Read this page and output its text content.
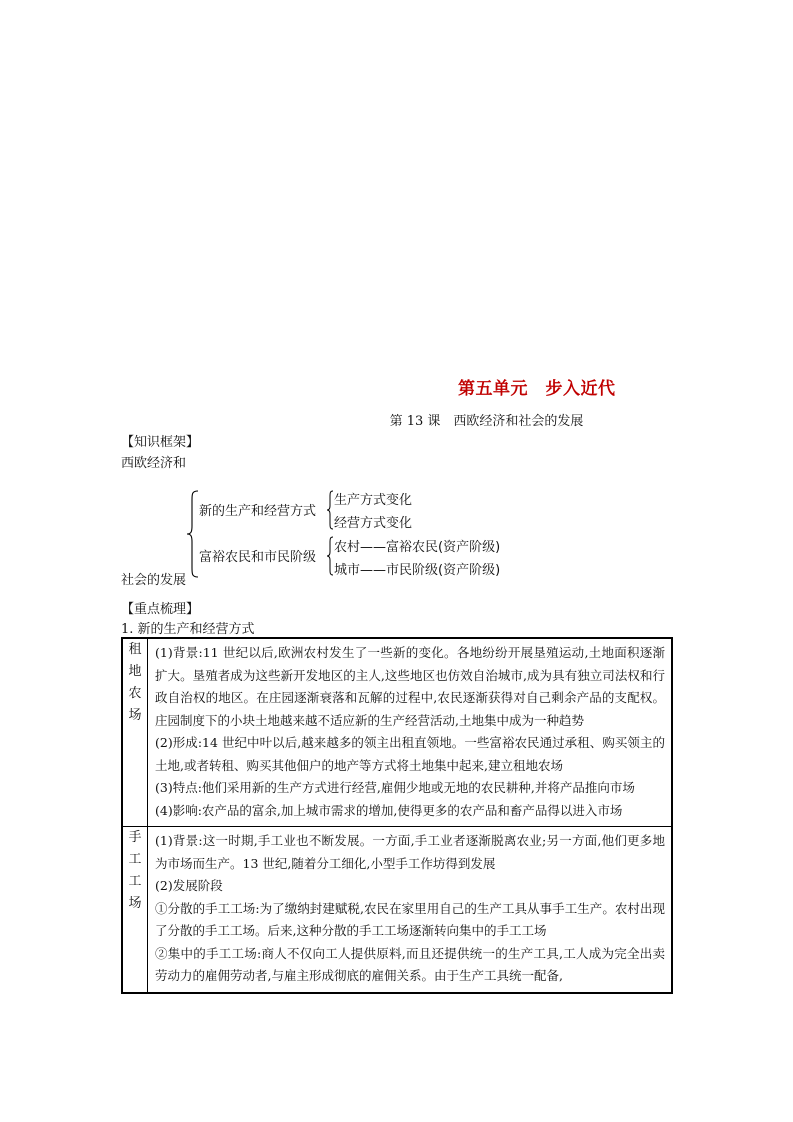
第五单元　步入近代
第 13 课　西欧经济和社会的发展
【知识框架】
西欧经济和
社会的发展
新的生产和经营方式
生产方式变化
经营方式变化
富裕农民和市民阶级
农村——富裕农民(资产阶级)
城市——市民阶级(资产阶级)
【重点梳理】
1. 新的生产和经营方式
租地农场	(1)背景:11 世纪以后,欧洲农村发生了一些新的变化。各地纷纷开展垦殖运动,土地面积逐渐扩大。垦殖者成为这些新开发地区的主人,这些地区也仿效自治城市,成为具有独立司法权和行政自治权的地区。在庄园逐渐衰落和瓦解的过程中,农民逐渐获得对自己剩余产品的支配权。庄园制度下的小块土地越来越不适应新的生产经营活动,土地集中成为一种趋势
(2)形成:14 世纪中叶以后,越来越多的领主出租直领地。一些富裕农民通过承租、购买领主的土地,或者转租、购买其他佃户的地产等方式将土地集中起来,建立租地农场
(3)特点:他们采用新的生产方式进行经营,雇佣少地或无地的农民耕种,并将产品推向市场
(4)影响:农产品的富余,加上城市需求的增加,使得更多的农产品和畜产品得以进入市场

手工工场	(1)背景:这一时期,手工业也不断发展。一方面,手工业者逐渐脱离农业;另一方面,他们更多地为市场而生产。13 世纪,随着分工细化,小型手工作坊得到发展
(2)发展阶段
①分散的手工工场:为了缴纳封建赋税,农民在家里用自己的生产工具从事手工生产。农村出现了分散的手工工场。后来,这种分散的手工工场逐渐转向集中的手工工场
②集中的手工工场:商人不仅向工人提供原料,而且还提供统一的生产工具,工人成为完全出卖劳动力的雇佣劳动者,与雇主形成彻底的雇佣关系。由于生产工具统一配备,
